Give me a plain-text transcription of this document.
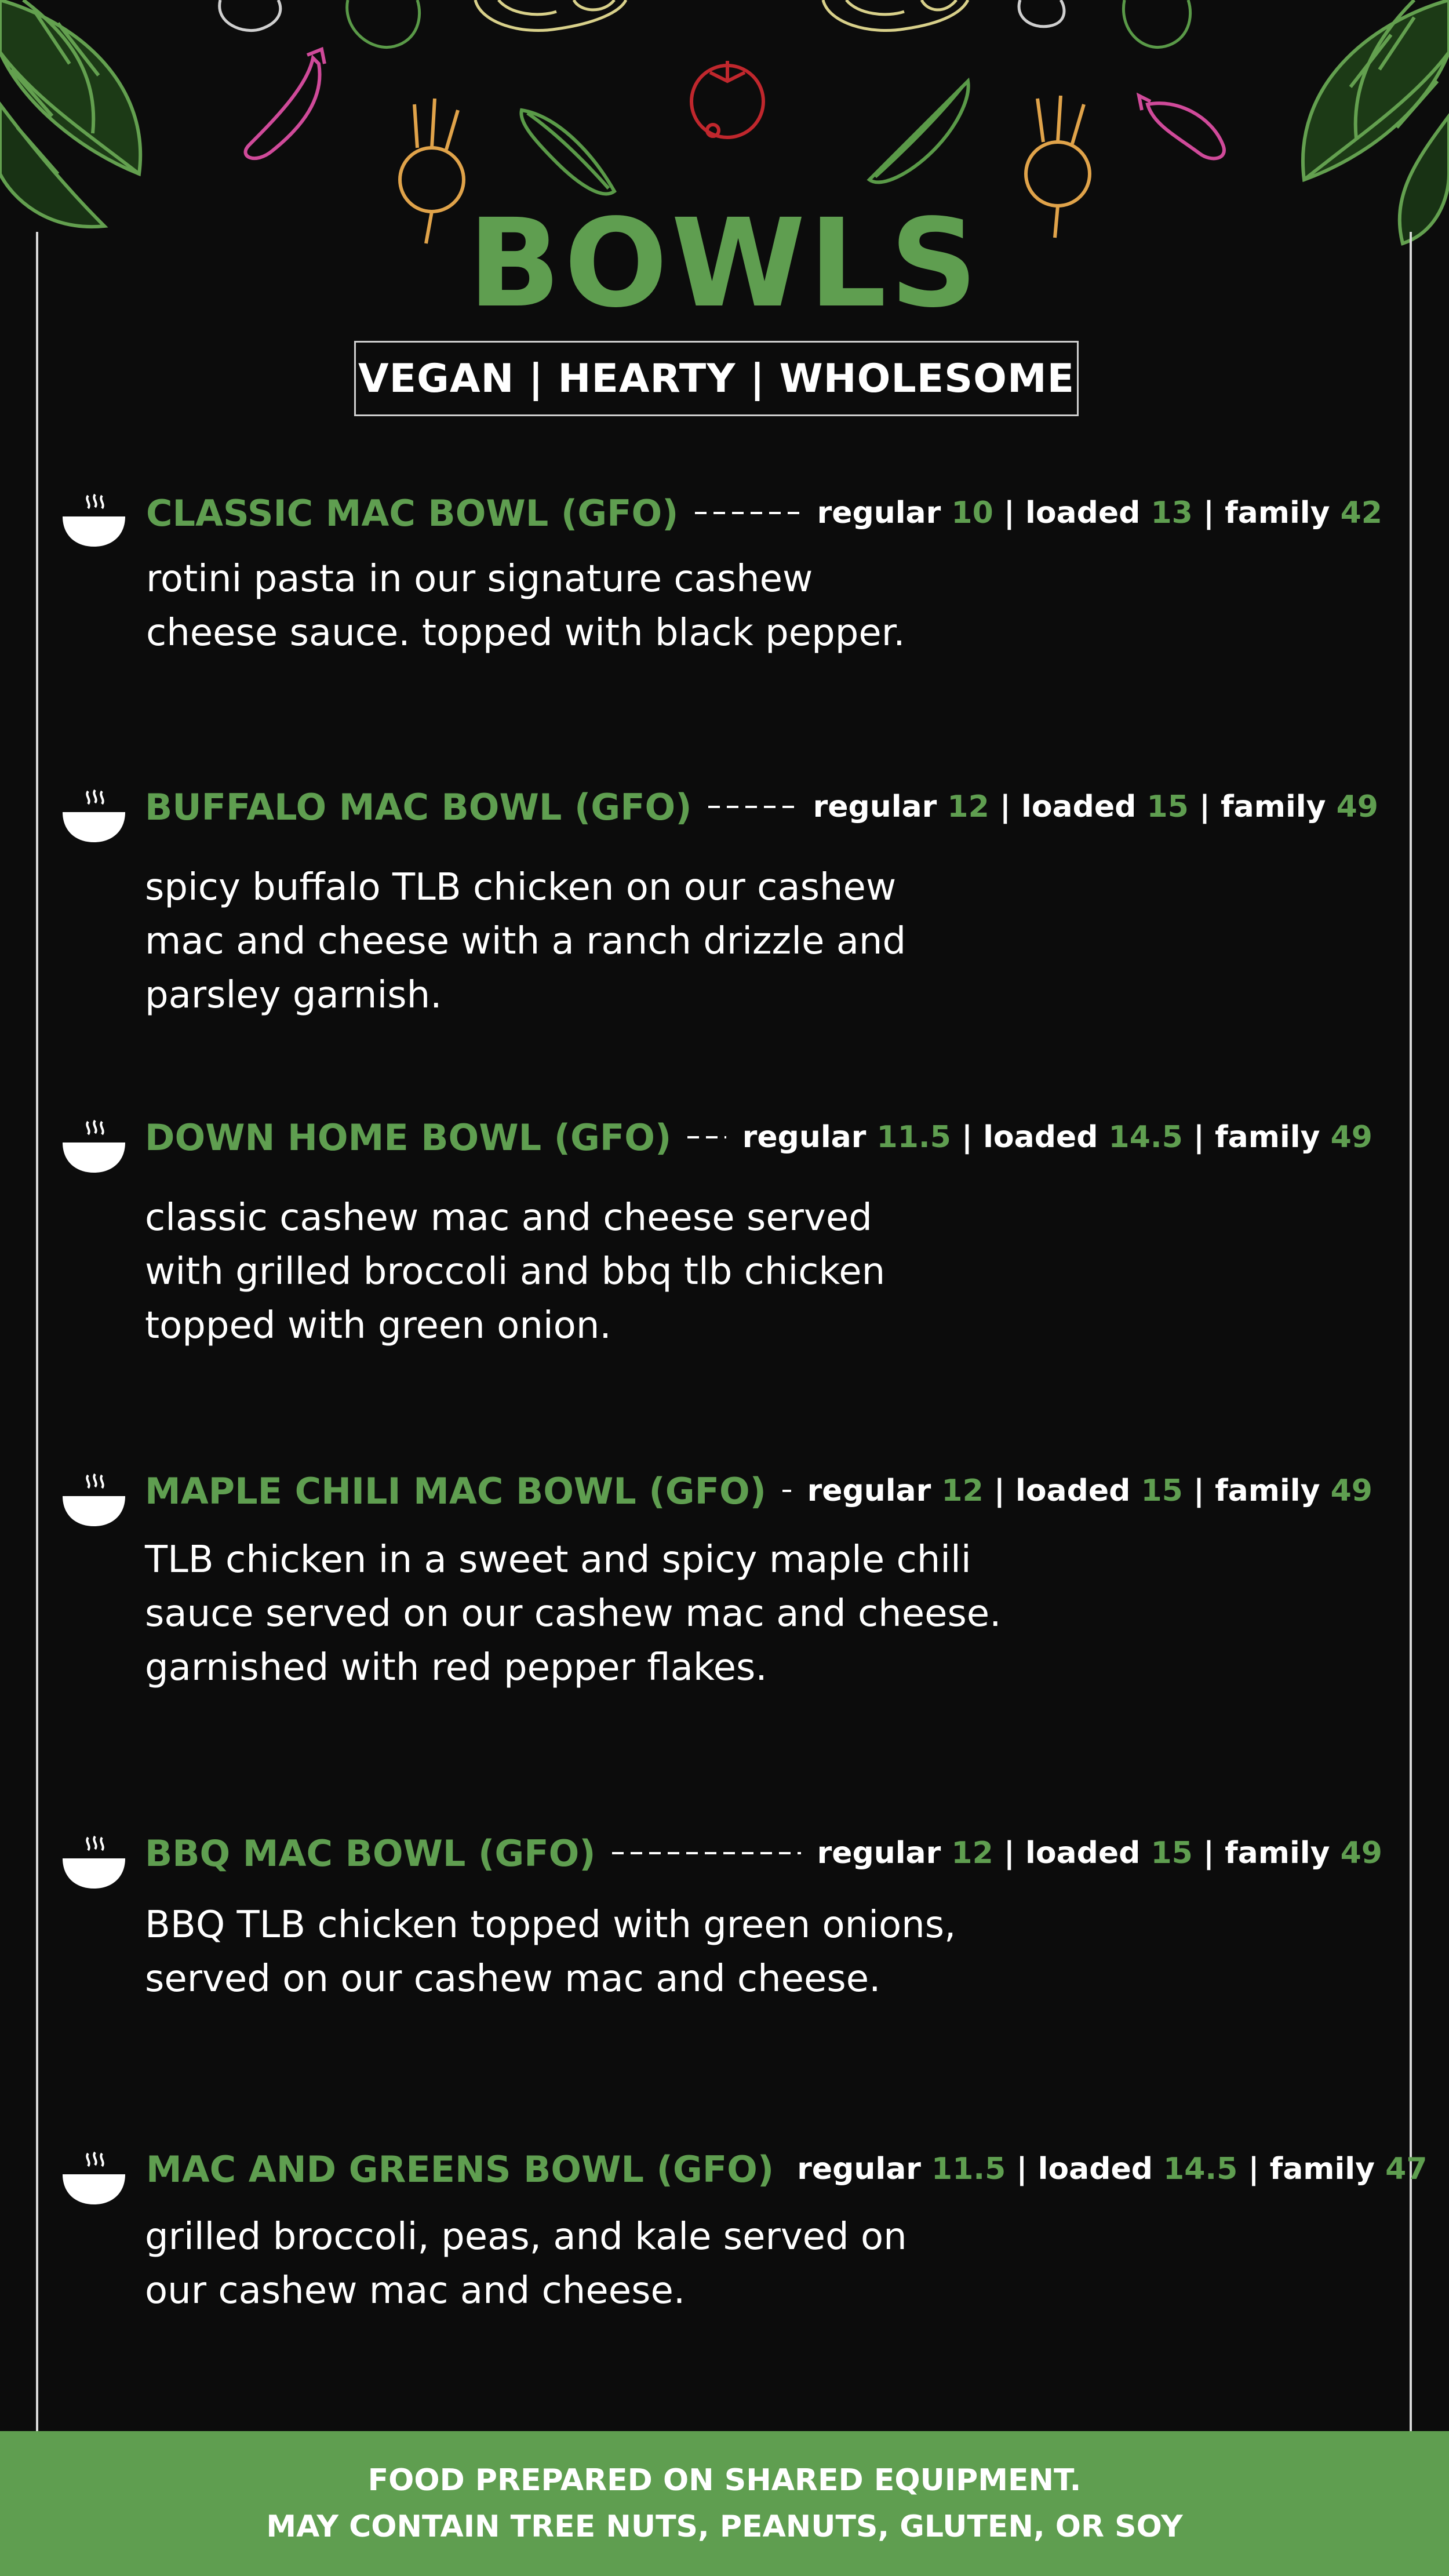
BOWLS
VEGAN | HEARTY | WHOLESOME
CLASSIC MAC BOWL (GFO)	regular 10 | loaded 13 | family 42
rotini pasta in our signature cashew
cheese sauce. topped with black pepper.
BUFFALO MAC BOWL (GFO)	regular 12 | loaded 15 | family 49
spicy buffalo TLB chicken on our cashew
mac and cheese with a ranch drizzle and
parsley garnish.
DOWN HOME BOWL (GFO) regular 11.5 | loaded 14.5 | family 49
classic cashew mac and cheese served
with grilled broccoli and bbq tlb chicken
topped with green onion.
MAPLE CHILI MAC BOWL (GFO) regular 12 | loaded 15 | family 49
TLB chicken in a sweet and spicy maple chili
sauce served on our cashew mac and cheese.
garnished with red pepper flakes.
BBQ MAC BOWL (GFO)	regular 12 | loaded 15 | family 49
BBQ TLB chicken topped with green onions,
served on our cashew mac and cheese.
MAC AND GREENS BOWL (GFO) regular 11.5 | loaded 14.5 | family 47
grilled broccoli, peas, and kale served on
our cashew mac and cheese.
FOOD PREPARED ON SHARED EQUIPMENT.
MAY CONTAIN TREE NUTS, PEANUTS, GLUTEN, OR SOY
